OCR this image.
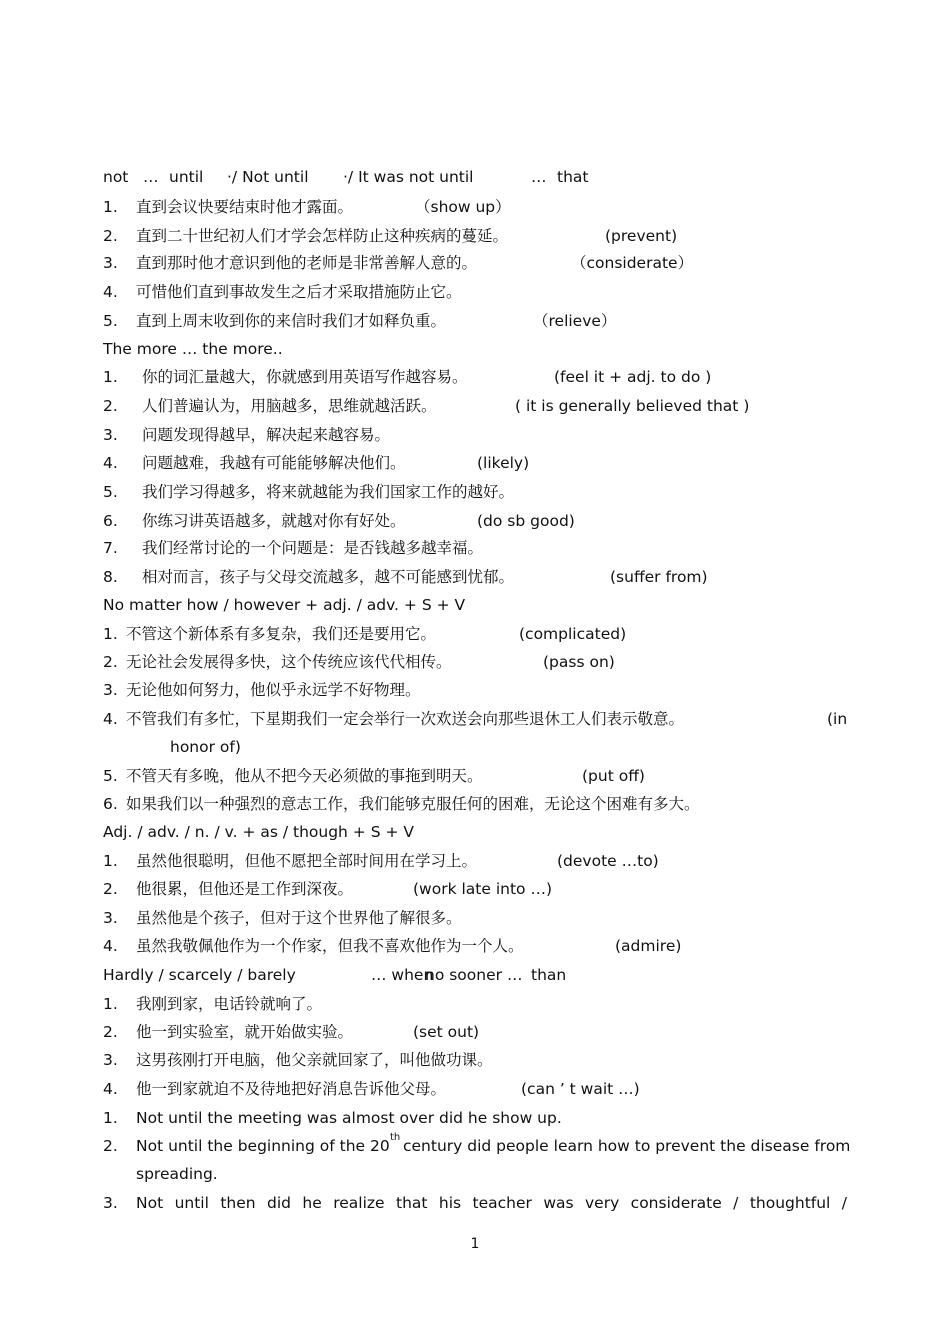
not … until ·/ Not until ·/ It was not until	… that
1. 直到会议快要结束时他才露面。	（show up）
2. 直到二十世纪初人们才学会怎样防止这种疾病的蔓延。	(prevent)
3. 直到那时他才意识到他的老师是非常善解人意的。	（considerate）
4. 可惜他们直到事故发生之后才采取措施防止它。
5. 直到上周末收到你的来信时我们才如释负重。	（relieve）
The more … the more..
1. 你的词汇量越大，你就感到用英语写作越容易。	(feel it + adj. to do )
2. 人们普遍认为，用脑越多，思维就越活跃。	( it is generally believed that )
3. 问题发现得越早，解决起来越容易。
4. 问题越难，我越有可能能够解决他们。	(likely)
5. 我们学习得越多，将来就越能为我们国家工作的越好。
6. 你练习讲英语越多，就越对你有好处。	(do sb good)
7. 我们经常讨论的一个问题是：是否钱越多越幸福。
8. 相对而言，孩子与父母交流越多，越不可能感到忧郁。	(suffer from)
No matter how / however + adj. / adv. + S + V
1. 不管这个新体系有多复杂，我们还是要用它。	(complicated)
2. 无论社会发展得多快，这个传统应该代代相传。	(pass on)
3. 无论他如何努力，他似乎永远学不好物理。
4. 不管我们有多忙，下星期我们一定会举行一次欢送会向那些退休工人们表示敬意。	(in
honor of)
5. 不管天有多晚，他从不把今天必须做的事拖到明天。	(put off)
6. 如果我们以一种强烈的意志工作，我们能够克服任何的困难，无论这个困难有多大。
Adj. / adv. / n. / v. + as / though + S + V
1. 虽然他很聪明，但他不愿把全部时间用在学习上。	(devote …to)
2. 他很累，但他还是工作到深夜。	(work late into …)
3. 虽然他是个孩子，但对于这个世界他了解很多。
4. 虽然我敬佩他作为一个作家，但我不喜欢他作为一个人。	(admire)
Hardly / scarcely / barely	… when
no sooner … than
1. 我刚到家，电话铃就响了。
2. 他一到实验室，就开始做实验。	(set out)
3. 这男孩刚打开电脑，他父亲就回家了，叫他做功课。
4. 他一到家就迫不及待地把好消息告诉他父母。	(can ’ t wait …)
1. Not until the meeting was almost over did he show up.
2. Not until the beginning of the 20 th century did people learn how to prevent the disease from
spreading.
3. Not until then did he realize that his teacher was very considerate / thoughtful /
1
